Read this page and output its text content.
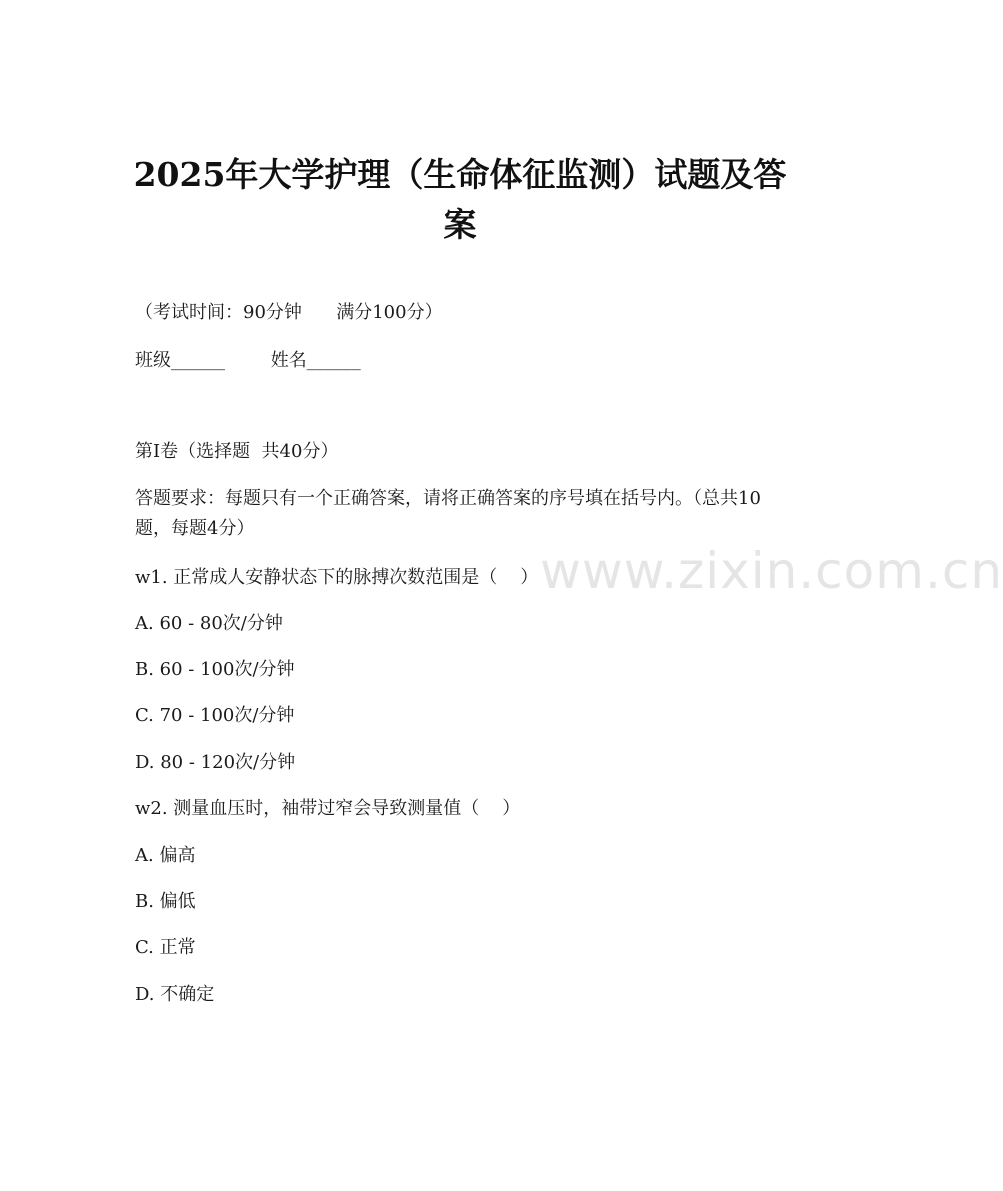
2025年大学护理（生命体征监测）试题及答案
（考试时间：90分钟      满分100分）
班级______        姓名______
第I卷（选择题  共40分）
答题要求：每题只有一个正确答案，请将正确答案的序号填在括号内。（总共10题，每题4分）
www.zixin.com.cn
w1. 正常成人安静状态下的脉搏次数范围是（    ）
A. 60 - 80次/分钟
B. 60 - 100次/分钟
C. 70 - 100次/分钟
D. 80 - 120次/分钟
w2. 测量血压时，袖带过窄会导致测量值（    ）
A. 偏高
B. 偏低
C. 正常
D. 不确定
